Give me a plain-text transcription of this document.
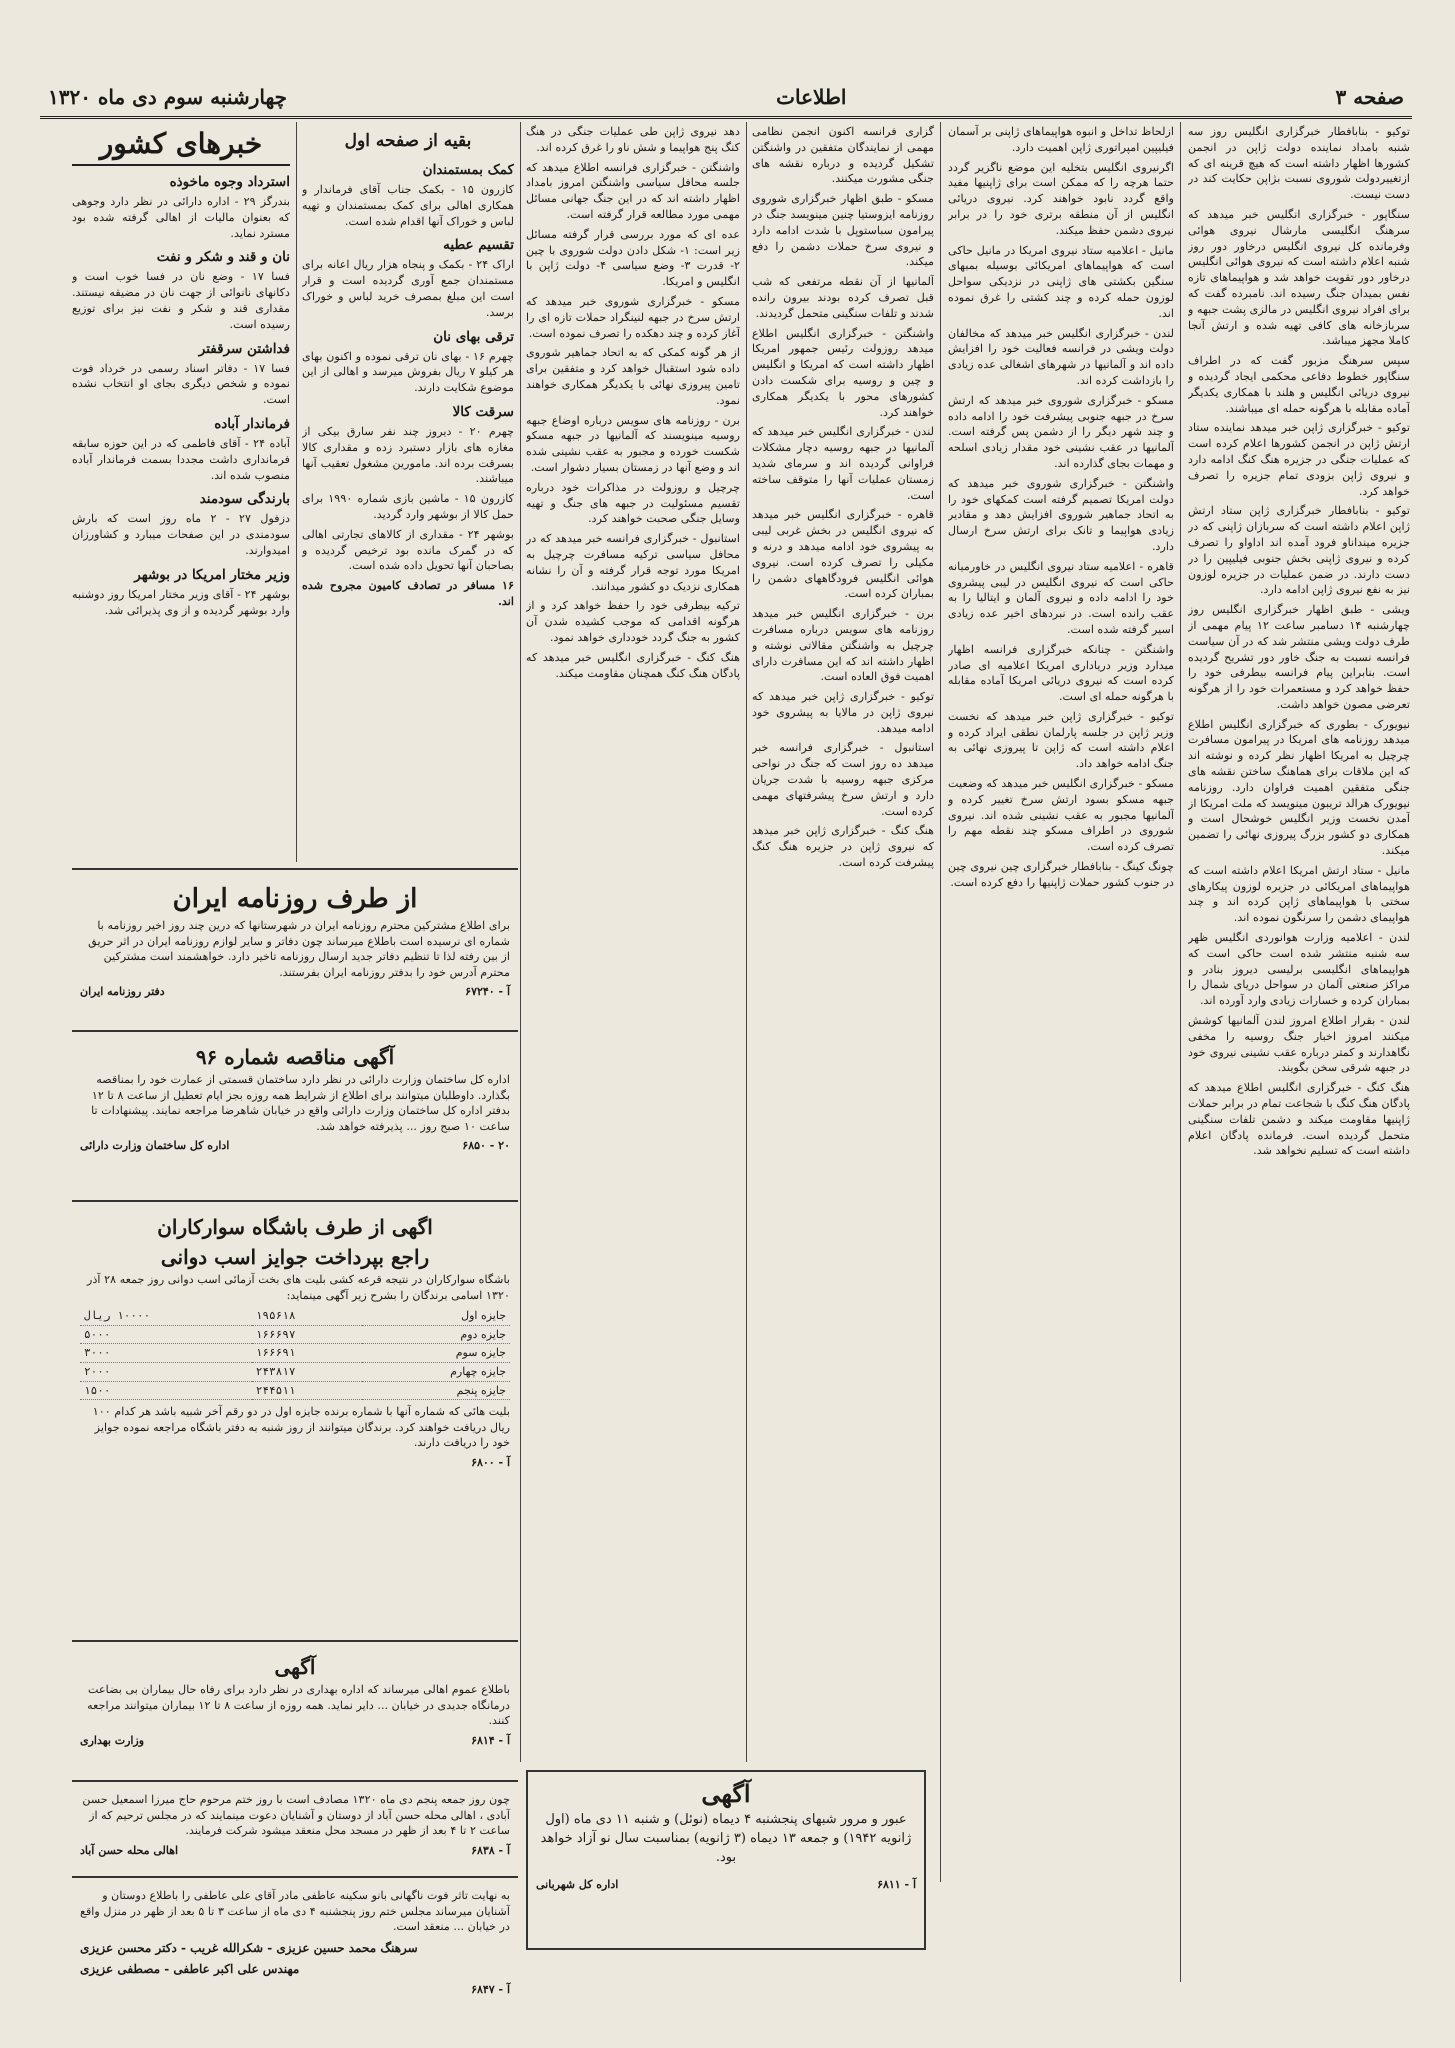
صفحه ۳
اطلاعات
چهارشنبه سوم دی ماه ۱۳۲۰

توکیو - بنابافطار خبرگزاری انگلیس روز سه شنبه بامداد نماینده دولت ژاپن در انجمن کشورها اظهار داشته است که هیچ قرینه ای که ازتغییردولت شوروی نسبت بژاپن حکایت کند در دست نیست.

سنگاپور - خبرگزاری انگلیس خبر میدهد که سرهنگ انگلیسی مارشال نیروی هوائی وفرمانده کل نیروی انگلیس درخاور دور روز شنبه اعلام داشته است که نیروی هوائی انگلیس درخاور دور تقویت خواهد شد و هواپیماهای تازه نفس بمیدان جنگ رسیده اند. نامبرده گفت که برای افراد نیروی انگلیس در مالزی پشت جبهه و سربازخانه های کافی تهیه شده و ارتش آنجا کاملا مجهز میباشد.

سپس سرهنگ مزبور گفت که در اطراف سنگاپور خطوط دفاعی محکمی ایجاد گردیده و نیروی دریائی انگلیس و هلند با همکاری یکدیگر آماده مقابله با هرگونه حمله ای میباشند.

توکیو - خبرگزاری ژاپن خبر میدهد نماینده ستاد ارتش ژاپن در انجمن کشورها اعلام کرده است که عملیات جنگی در جزیره هنگ کنگ ادامه دارد و نیروی ژاپن بزودی تمام جزیره را تصرف خواهد کرد.

توکیو - بنابافطار خبرگزاری ژاپن ستاد ارتش ژاپن اعلام داشته است که سربازان ژاپنی که در جزیره مینداناو فرود آمده اند اداواو را تصرف کرده و نیروی ژاپنی بخش جنوبی فیلیپین را در دست دارند. در ضمن عملیات در جزیره لوزون نیز به نفع نیروی ژاپن ادامه دارد.

ویشی - طبق اظهار خبرگزاری انگلیس روز چهارشنبه ۱۴ دسامبر ساعت ۱۲ پیام مهمی از طرف دولت ویشی منتشر شد که در آن سیاست فرانسه نسبت به جنگ خاور دور تشریح گردیده است. بنابراین پیام فرانسه بیطرفی خود را حفظ خواهد کرد و مستعمرات خود را از هرگونه تعرضی مصون خواهد داشت.

نیویورک - بطوری که خبرگزاری انگلیس اطلاع میدهد روزنامه های امریکا در پیرامون مسافرت چرچیل به امریکا اظهار نظر کرده و نوشته اند که این ملاقات برای هماهنگ ساختن نقشه های جنگی متفقین اهمیت فراوان دارد. روزنامه نیویورک هرالد تریبون مینویسد که ملت امریکا از آمدن نخست وزیر انگلیس خوشحال است و همکاری دو کشور بزرگ پیروزی نهائی را تضمین میکند.

مانیل - ستاد ارتش امریکا اعلام داشته است که هواپیماهای امریکائی در جزیره لوزون پیکارهای سختی با هواپیماهای ژاپن کرده اند و چند هواپیمای دشمن را سرنگون نموده اند.

لندن - اعلامیه وزارت هوانوردی انگلیس ظهر سه شنبه منتشر شده است حاکی است که هواپیماهای انگلیسی برلیسی دیروز بنادر و مراکز صنعتی آلمان در سواحل دریای شمال را بمباران کرده و خسارات زیادی وارد آورده اند.

لندن - بقرار اطلاع امروز لندن آلمانیها کوشش میکنند امروز اخبار جنگ روسیه را مخفی نگاهدارند و کمتر درباره عقب نشینی نیروی خود در جبهه شرقی سخن بگویند.

هنگ کنگ - خبرگزاری انگلیس اطلاع میدهد که پادگان هنگ کنگ با شجاعت تمام در برابر حملات ژاپنیها مقاومت میکند و دشمن تلفات سنگینی متحمل گردیده است. فرمانده پادگان اعلام داشته است که تسلیم نخواهد شد.

ازلحاظ تداخل و انبوه هواپیماهای ژاپنی بر آسمان فیلیپین امپراتوری ژاپن اهمیت دارد.

اگرنیروی انگلیس بتخلیه این موضع ناگزیر گردد حتما هرچه را که ممکن است برای ژاپنیها مفید واقع گردد نابود خواهند کرد. نیروی دریائی انگلیس از آن منطقه برتری خود را در برابر نیروی دشمن حفظ میکند.

مانیل - اعلامیه ستاد نیروی امریکا در مانیل حاکی است که هواپیماهای امریکائی بوسیله بمبهای سنگین بکشتی های ژاپنی در نزدیکی سواحل لوزون حمله کرده و چند کشتی را غرق نموده اند.

لندن - خبرگزاری انگلیس خبر میدهد که مخالفان دولت ویشی در فرانسه فعالیت خود را افزایش داده اند و آلمانیها در شهرهای اشغالی عده زیادی را بازداشت کرده اند.

مسکو - خبرگزاری شوروی خبر میدهد که ارتش سرخ در جبهه جنوبی پیشرفت خود را ادامه داده و چند شهر دیگر را از دشمن پس گرفته است. آلمانیها در عقب نشینی خود مقدار زیادی اسلحه و مهمات بجای گذارده اند.

واشنگتن - خبرگزاری شوروی خبر میدهد که دولت امریکا تصمیم گرفته است کمکهای خود را به اتحاد جماهیر شوروی افزایش دهد و مقادیر زیادی هواپیما و تانک برای ارتش سرخ ارسال دارد.

قاهره - اعلامیه ستاد نیروی انگلیس در خاورمیانه حاکی است که نیروی انگلیس در لیبی پیشروی خود را ادامه داده و نیروی آلمان و ایتالیا را به عقب رانده است. در نبردهای اخیر عده زیادی اسیر گرفته شده است.

واشنگتن - چنانکه خبرگزاری فرانسه اظهار میدارد وزیر دریاداری امریکا اعلامیه ای صادر کرده است که نیروی دریائی امریکا آماده مقابله با هرگونه حمله ای است.

توکیو - خبرگزاری ژاپن خبر میدهد که نخست وزیر ژاپن در جلسه پارلمان نطقی ایراد کرده و اعلام داشته است که ژاپن تا پیروزی نهائی به جنگ ادامه خواهد داد.

مسکو - خبرگزاری انگلیس خبر میدهد که وضعیت جبهه مسکو بسود ارتش سرخ تغییر کرده و آلمانیها مجبور به عقب نشینی شده اند. نیروی شوروی در اطراف مسکو چند نقطه مهم را تصرف کرده است.

چونگ کینگ - بنابافطار خبرگزاری چین نیروی چین در جنوب کشور حملات ژاپنیها را دفع کرده است.

گزاری فرانسه اکنون انجمن نظامی مهمی از نمایندگان متفقین در واشنگتن تشکیل گردیده و درباره نقشه های جنگی مشورت میکنند.

مسکو - طبق اظهار خبرگزاری شوروی روزنامه ایزوستیا چنین مینویسد جنگ در پیرامون سباستوپل با شدت ادامه دارد و نیروی سرخ حملات دشمن را دفع میکند.

آلمانیها از آن نقطه مرتفعی که شب قبل تصرف کرده بودند بیرون رانده شدند و تلفات سنگینی متحمل گردیدند.

واشنگتن - خبرگزاری انگلیس اطلاع میدهد روزولت رئیس جمهور امریکا اظهار داشته است که امریکا و انگلیس و چین و روسیه برای شکست دادن کشورهای محور با یکدیگر همکاری خواهند کرد.

لندن - خبرگزاری انگلیس خبر میدهد که آلمانیها در جبهه روسیه دچار مشکلات فراوانی گردیده اند و سرمای شدید زمستان عملیات آنها را متوقف ساخته است.

قاهره - خبرگزاری انگلیس خبر میدهد که نیروی انگلیس در بخش غربی لیبی به پیشروی خود ادامه میدهد و درنه و مکیلی را تصرف کرده است. نیروی هوائی انگلیس فرودگاههای دشمن را بمباران کرده است.

برن - خبرگزاری انگلیس خبر میدهد روزنامه های سویس درباره مسافرت چرچیل به واشنگتن مقالاتی نوشته و اظهار داشته اند که این مسافرت دارای اهمیت فوق العاده است.

توکیو - خبرگزاری ژاپن خبر میدهد که نیروی ژاپن در مالایا به پیشروی خود ادامه میدهد.

استانبول - خبرگزاری فرانسه خبر میدهد ده روز است که جنگ در نواحی مرکزی جبهه روسیه با شدت جریان دارد و ارتش سرخ پیشرفتهای مهمی کرده است.

هنگ کنگ - خبرگزاری ژاپن خبر میدهد که نیروی ژاپن در جزیره هنگ کنگ پیشرفت کرده است.

دهد نیروی ژاپن طی عملیات جنگی در هنگ کنگ پنج هواپیما و شش ناو را غرق کرده اند.

واشنگتن - خبرگزاری فرانسه اطلاع میدهد که جلسه محافل سیاسی واشنگتن امروز بامداد اظهار داشته اند که در این جنگ جهانی مسائل مهمی مورد مطالعه قرار گرفته است.

عده ای که مورد بررسی قرار گرفته مسائل زیر است: ۱- شکل دادن دولت شوروی با چین ۲- قدرت ۳- وضع سیاسی ۴- دولت ژاپن با انگلیس و امریکا.

مسکو - خبرگزاری شوروی خبر میدهد که ارتش سرخ در جبهه لنینگراد حملات تازه ای را آغاز کرده و چند دهکده را تصرف نموده است.

از هر گونه کمکی که به اتحاد جماهیر شوروی داده شود استقبال خواهد کرد و متفقین برای تامین پیروزی نهائی با یکدیگر همکاری خواهند نمود.

برن - روزنامه های سویس درباره اوضاع جبهه روسیه مینویسند که آلمانیها در جبهه مسکو شکست خورده و مجبور به عقب نشینی شده اند و وضع آنها در زمستان بسیار دشوار است.

چرچیل و روزولت در مذاکرات خود درباره تقسیم مسئولیت در جبهه های جنگ و تهیه وسایل جنگی صحبت خواهند کرد.

استانبول - خبرگزاری فرانسه خبر میدهد که در محافل سیاسی ترکیه مسافرت چرچیل به امریکا مورد توجه قرار گرفته و آن را نشانه همکاری نزدیک دو کشور میدانند.

ترکیه بیطرفی خود را حفظ خواهد کرد و از هرگونه اقدامی که موجب کشیده شدن آن کشور به جنگ گردد خودداری خواهد نمود.

هنگ کنگ - خبرگزاری انگلیس خبر میدهد که پادگان هنگ کنگ همچنان مقاومت میکند.

بقیه از صفحه اول
کمک بمستمندان

کازرون ۱۵ - بکمک جناب آقای فرماندار و همکاری اهالی برای کمک بمستمندان و تهیه لباس و خوراک آنها اقدام شده است.

تقسیم عطیه

اراک ۲۴ - بکمک و پنجاه هزار ریال اعانه برای مستمندان جمع آوری گردیده است و قرار است این مبلغ بمصرف خرید لباس و خوراک برسد.

ترقی بهای نان

چهرم ۱۶ - بهای نان ترقی نموده و اکنون بهای هر کیلو ۷ ریال بفروش میرسد و اهالی از این موضوع شکایت دارند.

سرقت کالا

چهرم ۲۰ - دیروز چند نفر سارق بیکی از مغازه های بازار دستبرد زده و مقداری کالا بسرقت برده اند. مامورین مشغول تعقیب آنها میباشند.

کازرون ۱۵ - ماشین بازی شماره ۱۹۹۰ برای حمل کالا از بوشهر وارد گردید.

بوشهر ۲۴ - مقداری از کالاهای تجارتی اهالی که در گمرک مانده بود ترخیص گردیده و بصاحبان آنها تحویل داده شده است.

۱۶ مسافر در تصادف کامیون مجروح شده اند.

خبرهای کشور
استرداد وجوه ماخوذه

بندرگز ۲۹ - اداره دارائی در نظر دارد وجوهی که بعنوان مالیات از اهالی گرفته شده بود مسترد نماید.

نان و قند و شکر و نفت

فسا ۱۷ - وضع نان در فسا خوب است و دکانهای نانوائی از جهت نان در مضیقه نیستند. مقداری قند و شکر و نفت نیز برای توزیع رسیده است.

فداشتن سرقفتر

فسا ۱۷ - دفاتر اسناد رسمی در خرداد فوت نموده و شخص دیگری بجای او انتخاب نشده است.

فرماندار آباده

آباده ۲۴ - آقای فاطمی که در این حوزه سابقه فرمانداری داشت مجددا بسمت فرماندار آباده منصوب شده اند.

بارندگی سودمند

دزفول ۲۷ - ۲ ماه روز است که بارش سودمندی در این صفحات میبارد و کشاورزان امیدوارند.

وزیر مختار امریکا در بوشهر

بوشهر ۲۴ - آقای وزیر مختار امریکا روز دوشنبه وارد بوشهر گردیده و از وی پذیرائی شد.

از طرف روزنامه ایران
برای اطلاع مشترکین محترم روزنامه ایران در شهرستانها که درین چند روز اخیر روزنامه با شماره ای نرسیده است باطلاع میرساند چون دفاتر و سایر لوازم روزنامه ایران در اثر حریق از بین رفته لذا تا تنظیم دفاتر جدید ارسال روزنامه تاخیر دارد. خواهشمند است مشترکین محترم آدرس خود را بدفتر روزنامه ایران بفرستند.
آ - ۶۷۲۴۰
دفتر روزنامه ایران
آگهی مناقصه شماره ۹۶
اداره کل ساختمان وزارت دارائی در نظر دارد ساختمان قسمتی از عمارت خود را بمناقصه بگذارد. داوطلبان میتوانند برای اطلاع از شرایط همه روزه بجز ایام تعطیل از ساعت ۸ تا ۱۲ بدفتر اداره کل ساختمان وزارت دارائی واقع در خیابان شاهرضا مراجعه نمایند. پیشنهادات تا ساعت ۱۰ صبح روز ... پذیرفته خواهد شد.
۲۰ - ۶۸۵۰
اداره کل ساختمان وزارت دارائی
اگهی از طرف باشگاه سوارکاران
راجع بپرداخت جوایز اسب دوانی
باشگاه سوارکاران در نتیجه قرعه کشی بلیت های بخت آزمائی اسب دوانی روز جمعه ۲۸ آذر ۱۳۲۰ اسامی برندگان را بشرح زیر آگهی مینماید:
جایزه اول	۱۹۵۶۱۸	۱۰۰۰۰ ریال
جایزه دوم	۱۶۶۶۹۷	۵۰۰۰
جایزه سوم	۱۶۶۶۹۱	۳۰۰۰
جایزه چهارم	۲۴۳۸۱۷	۲۰۰۰
جایزه پنجم	۲۴۴۵۱۱	۱۵۰۰
بلیت هائی که شماره آنها با شماره برنده جایزه اول در دو رقم آخر شبیه باشد هر کدام ۱۰۰ ریال دریافت خواهند کرد. برندگان میتوانند از روز شنبه به دفتر باشگاه مراجعه نموده جوایز خود را دریافت دارند.
آ - ۶۸۰۰
آگهی
باطلاع عموم اهالی میرساند که اداره بهداری در نظر دارد برای رفاه حال بیماران بی بضاعت درمانگاه جدیدی در خیابان ... دایر نماید. همه روزه از ساعت ۸ تا ۱۲ بیماران میتوانند مراجعه کنند.
آ - ۶۸۱۴
وزارت بهداری
چون روز جمعه پنجم دی ماه ۱۳۲۰ مصادف است با روز ختم مرحوم حاج میرزا اسمعیل حسن آبادی ، اهالی محله حسن آباد از دوستان و آشنایان دعوت مینمایند که در مجلس ترحیم که از ساعت ۲ تا ۴ بعد از ظهر در مسجد محل منعقد میشود شرکت فرمایند.
آ - ۶۸۳۸
اهالی محله حسن آباد
به نهایت تاثر فوت ناگهانی بانو سکینه عاطفی مادر آقای علی عاطفی را باطلاع دوستان و آشنایان میرساند مجلس ختم روز پنجشنبه ۴ دی ماه از ساعت ۳ تا ۵ بعد از ظهر در منزل واقع در خیابان ... منعقد است.
سرهنگ محمد حسین عزیزی - شکرالله غریب - دکتر محسن عزیزی
مهندس علی اکبر عاطفی - مصطفی عزیزی
آ - ۶۸۴۷
آگهی
عبور و مرور شبهای پنجشنبه ۴ دیماه (نوئل) و شنبه ۱۱ دی ماه (اول ژانویه ۱۹۴۲) و جمعه ۱۳ دیماه (۳ ژانویه) بمناسبت سال نو آزاد خواهد بود.
آ - ۶۸۱۱
اداره کل شهربانی
